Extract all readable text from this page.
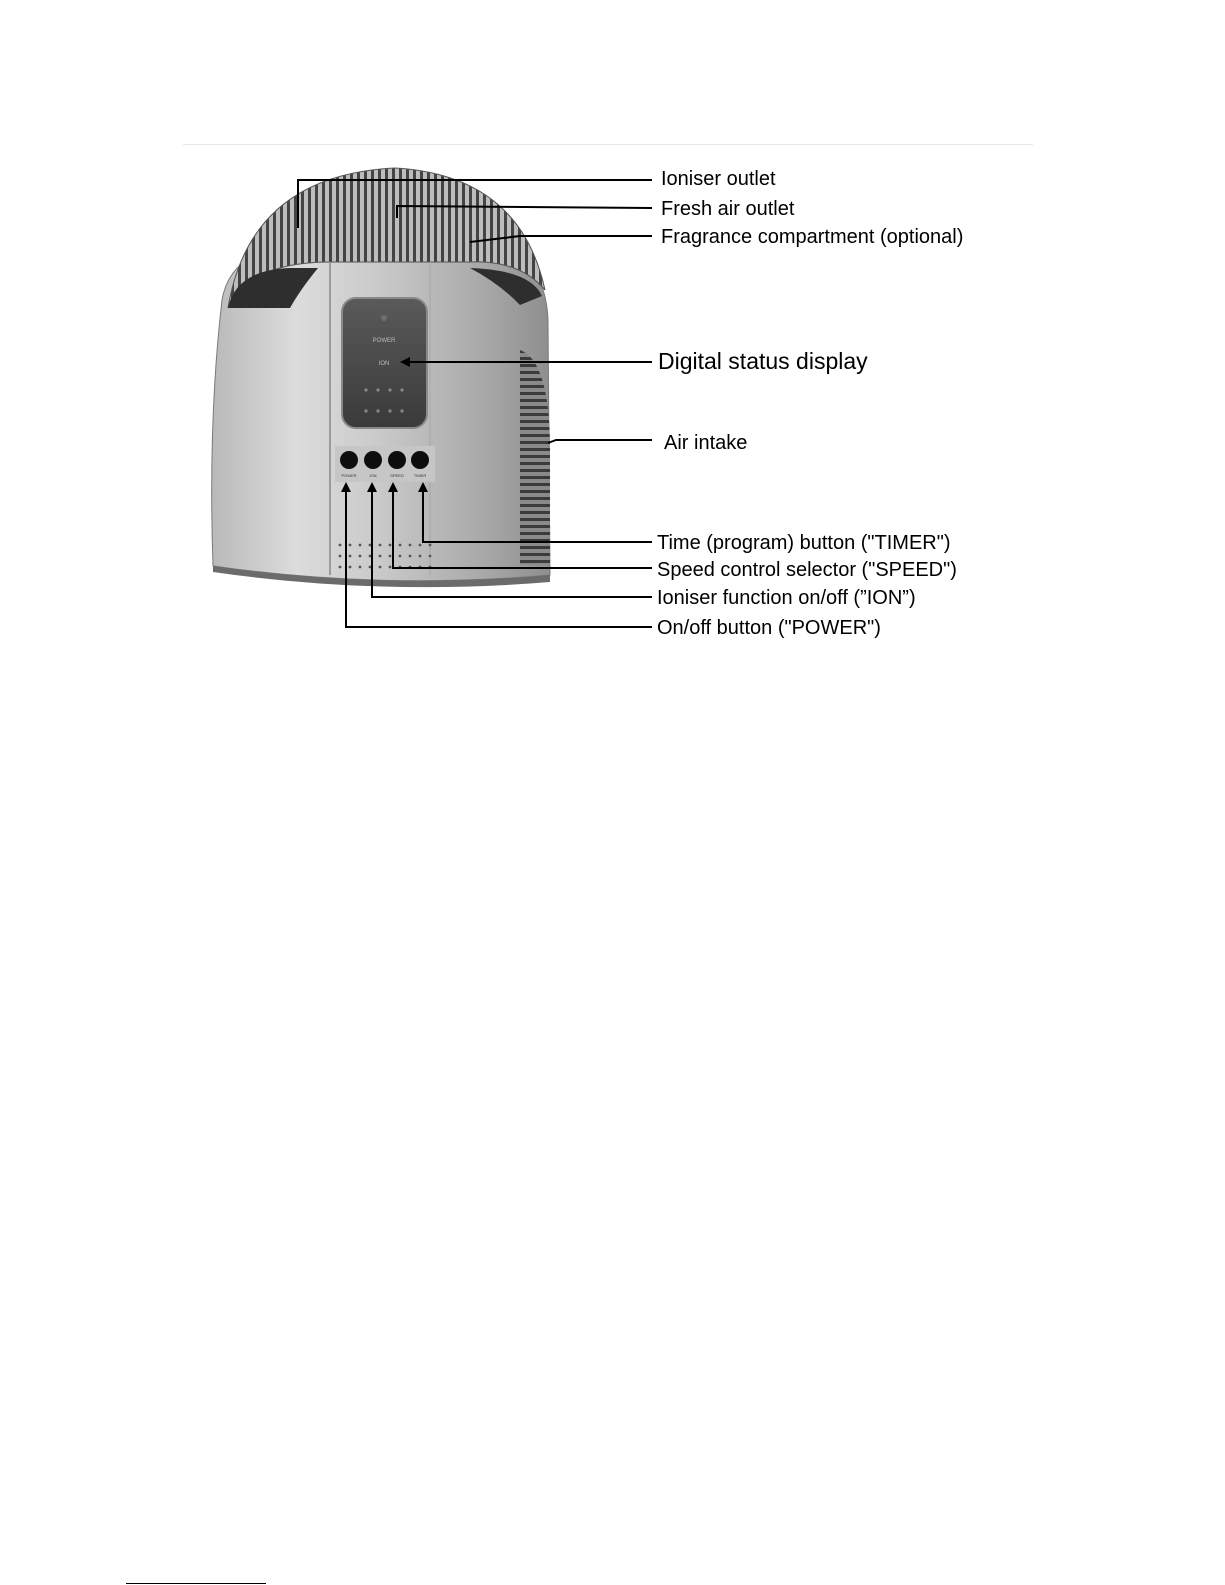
POWER
ION
POWER	ION	SPEED TIMER
Ioniser outlet
Fresh air outlet
Fragrance compartment (optional)
Digital status display
Air intake
Time (program) button ("TIMER")
Speed control selector ("SPEED")
Ioniser function on/off (”ION”)
On/off button ("POWER")
